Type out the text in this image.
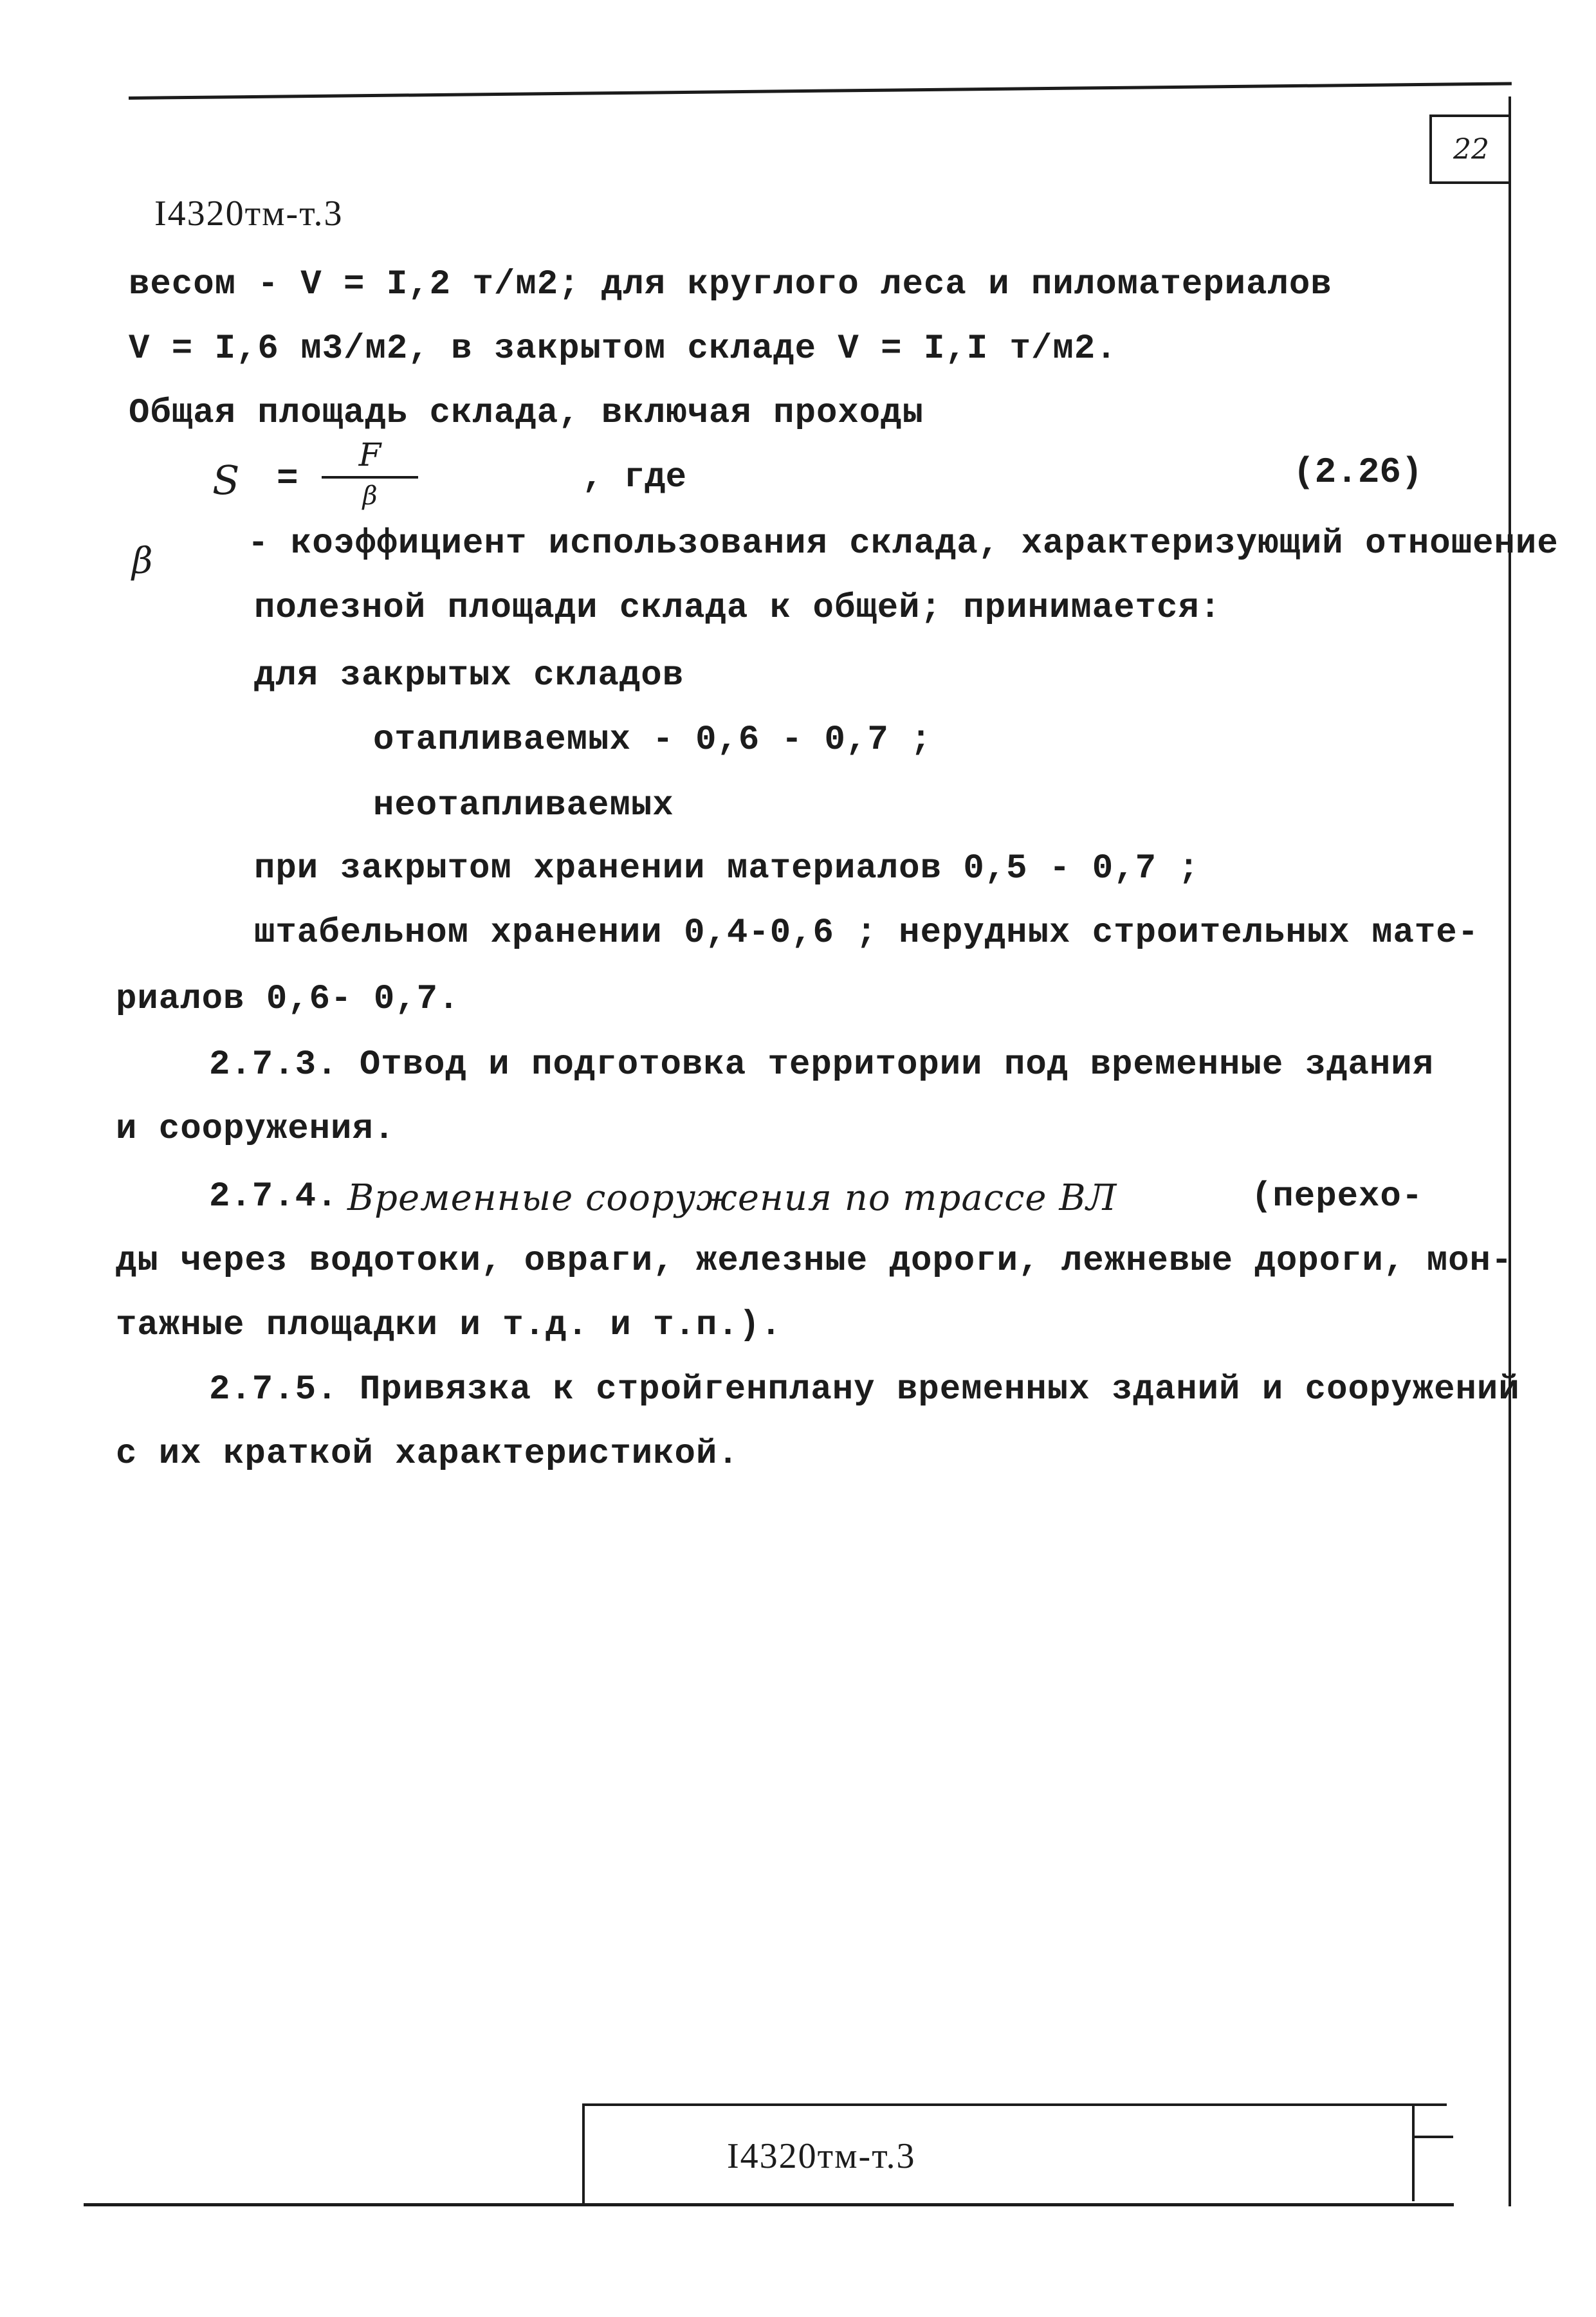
22
I4320тм-т.3
весом - V = I,2 т/м2; для круглого леса и пиломатериалов
V = I,6 м3/м2, в закрытом складе V = I,I т/м2.
Общая площадь склада, включая проходы
S =
F
β	, где	(2.26)
β	- коэффициент использования склада, характеризующий отношение
полезной площади склада к общей; принимается:
для закрытых складов
отапливаемых - 0,6 - 0,7 ;
неотапливаемых
при закрытом хранении материалов 0,5 - 0,7 ;
штабельном хранении 0,4-0,6 ; нерудных строительных мате-
риалов 0,6- 0,7.
2.7.3. Отвод и подготовка территории под временные здания
и сооружения.
2.7.4. Временные сооружения по трассе ВЛ	(перехо-
ды через водотоки, овраги, железные дороги, лежневые дороги, мон-
тажные площадки и т.д. и т.п.).
2.7.5. Привязка к стройгенплану временных зданий и сооружений
с их краткой характеристикой.
I4320тм-т.3
